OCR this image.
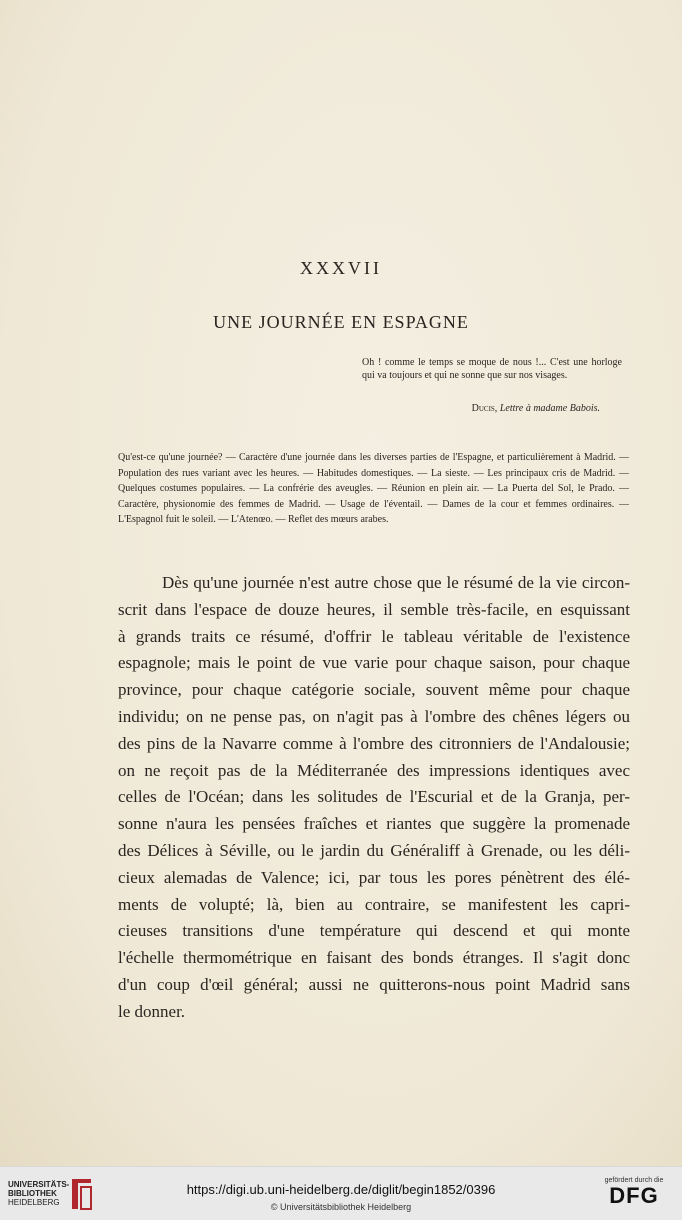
XXXVII
UNE JOURNÉE EN ESPAGNE
Oh ! comme le temps se moque de nous !... C'est une horloge qui va toujours et qui ne sonne que sur nos visages.
Ducis, Lettre à madame Babois.
Qu'est-ce qu'une journée? — Caractère d'une journée dans les diverses parties de l'Espagne, et particulièrement à Madrid. — Population des rues variant avec les heures. — Habitudes domestiques. — La sieste. — Les principaux cris de Madrid. — Quelques costumes populaires. — La confrérie des aveugles. — Réunion en plein air. — La Puerta del Sol, le Prado. — Caractère, physionomie des femmes de Madrid. — Usage de l'éventail. — Dames de la cour et femmes ordinaires. — L'Espagnol fuit le soleil. — L'Atenœo. — Reflet des mœurs arabes.
Dès qu'une journée n'est autre chose que le résumé de la vie circon-
scrit dans l'espace de douze heures, il semble très-facile, en esquissant
à grands traits ce résumé, d'offrir le tableau véritable de l'existence
espagnole; mais le point de vue varie pour chaque saison, pour chaque
province, pour chaque catégorie sociale, souvent même pour chaque
individu; on ne pense pas, on n'agit pas à l'ombre des chênes légers ou
des pins de la Navarre comme à l'ombre des citronniers de l'Andalousie;
on ne reçoit pas de la Méditerranée des impressions identiques avec
celles de l'Océan; dans les solitudes de l'Escurial et de la Granja, per-
sonne n'aura les pensées fraîches et riantes que suggère la promenade
des Délices à Séville, ou le jardin du Généraliff à Grenade, ou les déli-
cieux alemadas de Valence; ici, par tous les pores pénètrent des élé-
ments de volupté; là, bien au contraire, se manifestent les capri-
cieuses transitions d'une température qui descend et qui monte
l'échelle thermométrique en faisant des bonds étranges. Il s'agit donc
d'un coup d'œil général; aussi ne quitterons-nous point Madrid sans
le donner.
UNIVERSITÄTS-
BIBLIOTHEK
HEIDELBERG
https://digi.ub.uni-heidelberg.de/diglit/begin1852/0396
© Universitätsbibliothek Heidelberg
gefördert durch die
DFG
